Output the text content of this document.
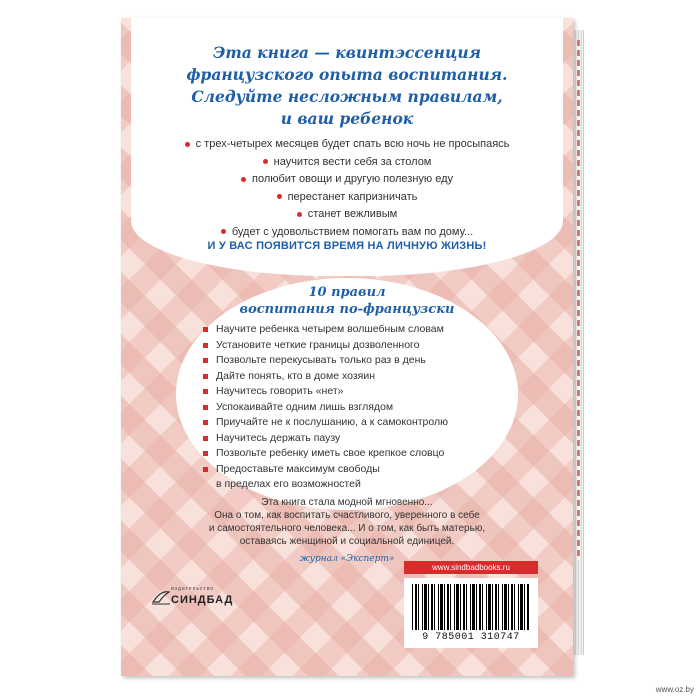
Эта книга — квинтэссенция
французского опыта воспитания.
Следуйте несложным правилам,
и ваш ребенок
с трех-четырех месяцев будет спать всю ночь не просыпаясь
научится вести себя за столом
полюбит овощи и другую полезную еду
перестанет капризничать
станет вежливым
будет с удовольствием помогать вам по дому...
И У ВАС ПОЯВИТСЯ ВРЕМЯ НА ЛИЧНУЮ ЖИЗНЬ!
10 правил
воспитания по-французски
Научите ребенка четырем волшебным словам
Установите четкие границы дозволенного
Позвольте перекусывать только раз в день
Дайте понять, кто в доме хозяин
Научитесь говорить «нет»
Успокаивайте одним лишь взглядом
Приучайте не к послушанию, а к самоконтролю
Научитесь держать паузу
Позвольте ребенку иметь свое крепкое словцо
Предоставьте максимум свободы
в пределах его возможностей
Эта книга стала модной мгновенно...
Она о том, как воспитать счастливого, уверенного в себе
и самостоятельного человека... И о том, как быть матерью,
оставаясь женщиной и социальной единицей.
журнал «Эксперт»
издательство
СИНДБАД
www.sindbadbooks.ru
9 785001 310747
www.oz.by
